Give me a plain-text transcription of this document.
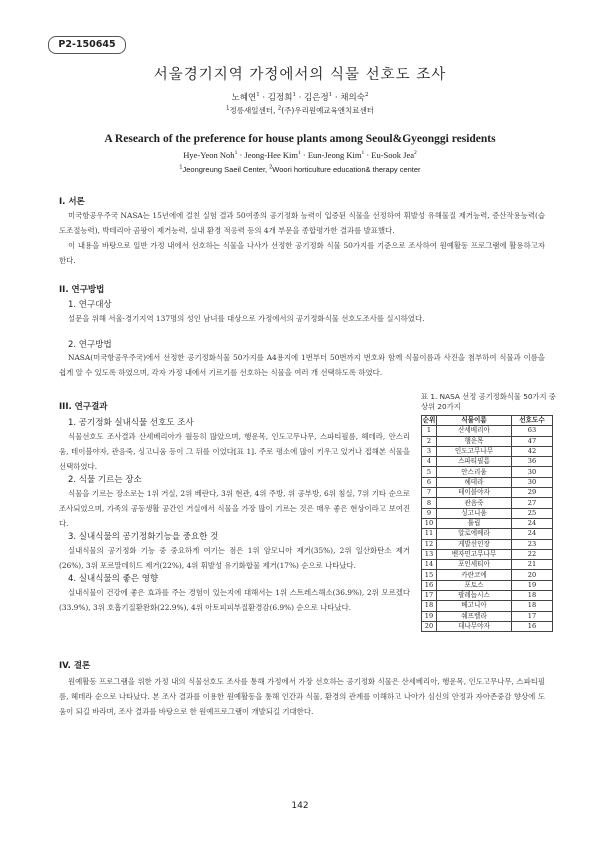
P2-150645
서울경기지역 가정에서의 식물 선호도 조사
노혜연$^1$ · 김정희$^1$ · 김은정$^1$ · 채의숙$^2$
$^1$정릉새일센터, $^2$(주)우리원예교육앤치료센터
A Research of the preference for house plants among Seoul&Gyeonggi residents
Hye-Yeon Noh$^1$ · Jeong-Hee Kim$^1$ · Eun-Jeong Kim$^1$ · Eu-Sook Jea$^2$
$^1$Jeongreung Saeil Center, $^2$Woori horticulture education& therapy center
I. 서론

미국항공우주국 NASA는 15년에에 걸친 실험 결과 50여종의 공기정화 능력이 입증된 식물을 선정하여 휘발성 유해물질 제거능력, 증산작용능력(습도조절능력), 박테리아 곰팡이 제거능력, 실내 환경 적응력 등의 4개 부문을 종합평가한 결과를 발표했다.

이 내용을 바탕으로 일반 가정 내에서 선호하는 식물을 나사가 선정한 공기정화 식물 50가지를 기준으로 조사하여 원예활동 프로그램에 활용하고자 한다.

II. 연구방법
1. 연구대상

설문을 위해 서울·경기지역 137명의 성인 남녀를 대상으로 가정에서의 공기정화식물 선호도조사를 실시하였다.

2. 연구방법

NASA(미국항공우주국)에서 선정한 공기정화식물 50가지를 A4용지에 1번부터 50번까지 번호와 함께 식물이름과 사진을 첨부하여 식물과 이름을 쉽게 알 수 있도록 하였으며, 각자 가정 내에서 기르기를 선호하는 식물을 여러 개 선택하도록 하였다.

III. 연구결과
1. 공기정화 실내식물 선호도 조사

식물선호도 조사결과 산세베리아가 월등히 많았으며, 행운목, 인도고무나무, 스파티필름, 헤데라, 안스리움, 테이블야자, 관음죽, 싱고니움 등이 그 뒤를 이었다[표 1]. 주로 평소에 많이 키우고 있거나 접해본 식물을 선택하였다.

2. 식물 기르는 장소

식물을 기르는 장소로는 1위 거실, 2위 베란다, 3위 현관, 4위 주방, 위 공부방, 6위 침실, 7위 기타 순으로 조사되었으며, 가족의 공동생활 공간인 거실에서 식물을 가장 많이 기르는 것은 매우 좋은 현상이라고 보여진다.

3. 실내식물의 공기정화기능을 중요한 것

실내식물의 공기정화 기능 중 중요하게 여기는 점은 1위 암모니아 제거(35%), 2위 일산화탄소 제거(26%), 3위 포르말데히드 제거(22%), 4위 휘발성 유기화합물 제거(17%) 순으로 나타났다.

4. 실내식물의 좋은 영향

실내식물이 건강에 좋은 효과를 주는 경험이 있는지에 대해서는 1위 스트레스해소(36.9%), 2위 모르겠다(33.9%), 3위 호흡기질환완화(22.9%), 4위 아토피피부질환경감(6.9%) 순으로 나타났다.

표 1. NASA 선정 공기정화식물 50가지 중 상위 20가지
순위	식물이름	선호도수
1	산세베리아	63
2	행운목	47
3	인도고무나무	42
4	스파티필름	36
5	안스리움	30
6	헤데라	30
7	테이블야자	29
8	관음죽	27
9	싱고니움	25
10	튤립	24
11	알로에베라	24
12	게발선인장	23
13	벤자민고무나무	22
14	포인세티아	21
15	카란코에	20
16	포토스	19
17	팔레놉시스	18
18	베고니아	18
19	쉐프렐라	17
20	대나무야자	16
IV. 결론

원예활동 프로그램을 위한 가정 내의 식물선호도 조사를 통해 가정에서 가장 선호하는 공기정화 식물은 산세베리아, 행운목, 인도고무나무, 스파티필름, 헤데라 순으로 나타났다. 본 조사 결과를 이용한 원예활동을 통해 인간과 식물, 환경의 관계를 이해하고 나아가 심신의 안정과 자아존중감 향상에 도움이 되길 바라며, 조사 결과를 바탕으로 한 원예프로그램이 개발되길 기대한다.

142
